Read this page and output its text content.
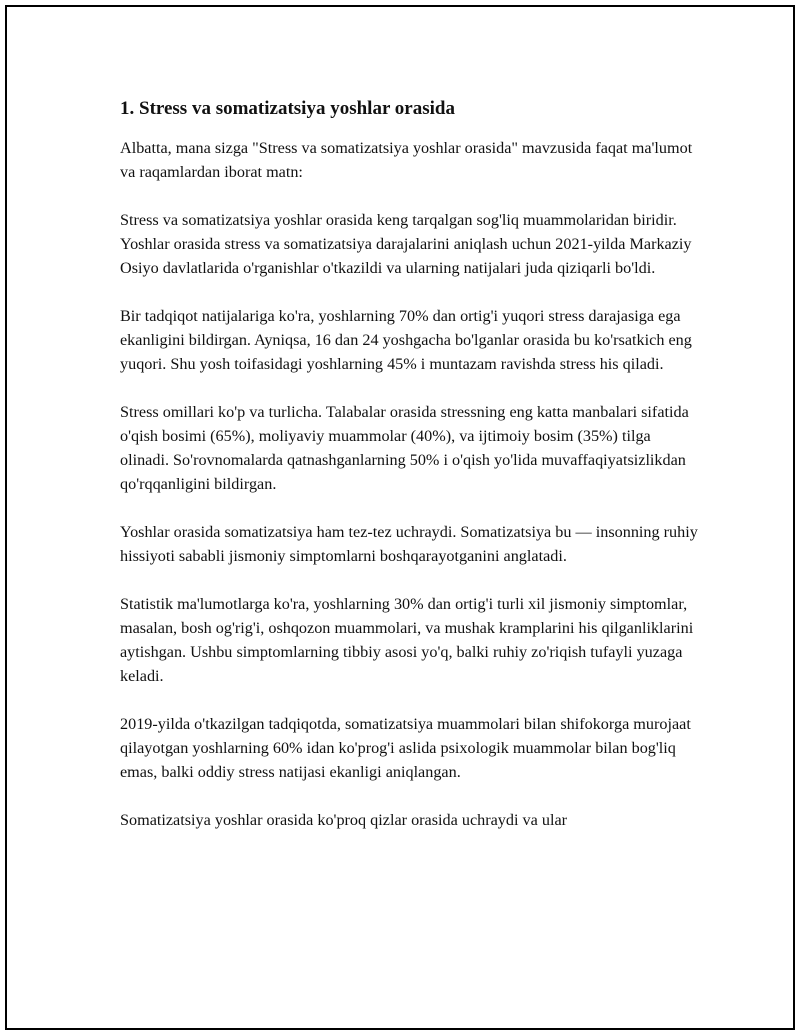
1. Stress va somatizatsiya yoshlar orasida

Albatta, mana sizga "Stress va somatizatsiya yoshlar orasida" mavzusida faqat ma'lumot va raqamlardan iborat matn:

Stress va somatizatsiya yoshlar orasida keng tarqalgan sog'liq muammolaridan biridir. Yoshlar orasida stress va somatizatsiya darajalarini aniqlash uchun 2021-yilda Markaziy Osiyo davlatlarida o'rganishlar o'tkazildi va ularning natijalari juda qiziqarli bo'ldi.

Bir tadqiqot natijalariga ko'ra, yoshlarning 70% dan ortig'i yuqori stress darajasiga ega ekanligini bildirgan. Ayniqsa, 16 dan 24 yoshgacha bo'lganlar orasida bu ko'rsatkich eng yuqori. Shu yosh toifasidagi yoshlarning 45% i muntazam ravishda stress his qiladi.

Stress omillari ko'p va turlicha. Talabalar orasida stressning eng katta manbalari sifatida o'qish bosimi (65%), moliyaviy muammolar (40%), va ijtimoiy bosim (35%) tilga olinadi. So'rovnomalarda qatnashganlarning 50% i o'qish yo'lida muvaffaqiyatsizlikdan qo'rqqanligini bildirgan.

Yoshlar orasida somatizatsiya ham tez-tez uchraydi. Somatizatsiya bu — insonning ruhiy hissiyoti sababli jismoniy simptomlarni boshqarayotganini anglatadi.

Statistik ma'lumotlarga ko'ra, yoshlarning 30% dan ortig'i turli xil jismoniy simptomlar, masalan, bosh og'rig'i, oshqozon muammolari, va mushak kramplarini his qilganliklarini aytishgan. Ushbu simptomlarning tibbiy asosi yo'q, balki ruhiy zo'riqish tufayli yuzaga keladi.

2019-yilda o'tkazilgan tadqiqotda, somatizatsiya muammolari bilan shifokorga murojaat qilayotgan yoshlarning 60% idan ko'prog'i aslida psixologik muammolar bilan bog'liq emas, balki oddiy stress natijasi ekanligi aniqlangan.

Somatizatsiya yoshlar orasida ko'proq qizlar orasida uchraydi va ular
